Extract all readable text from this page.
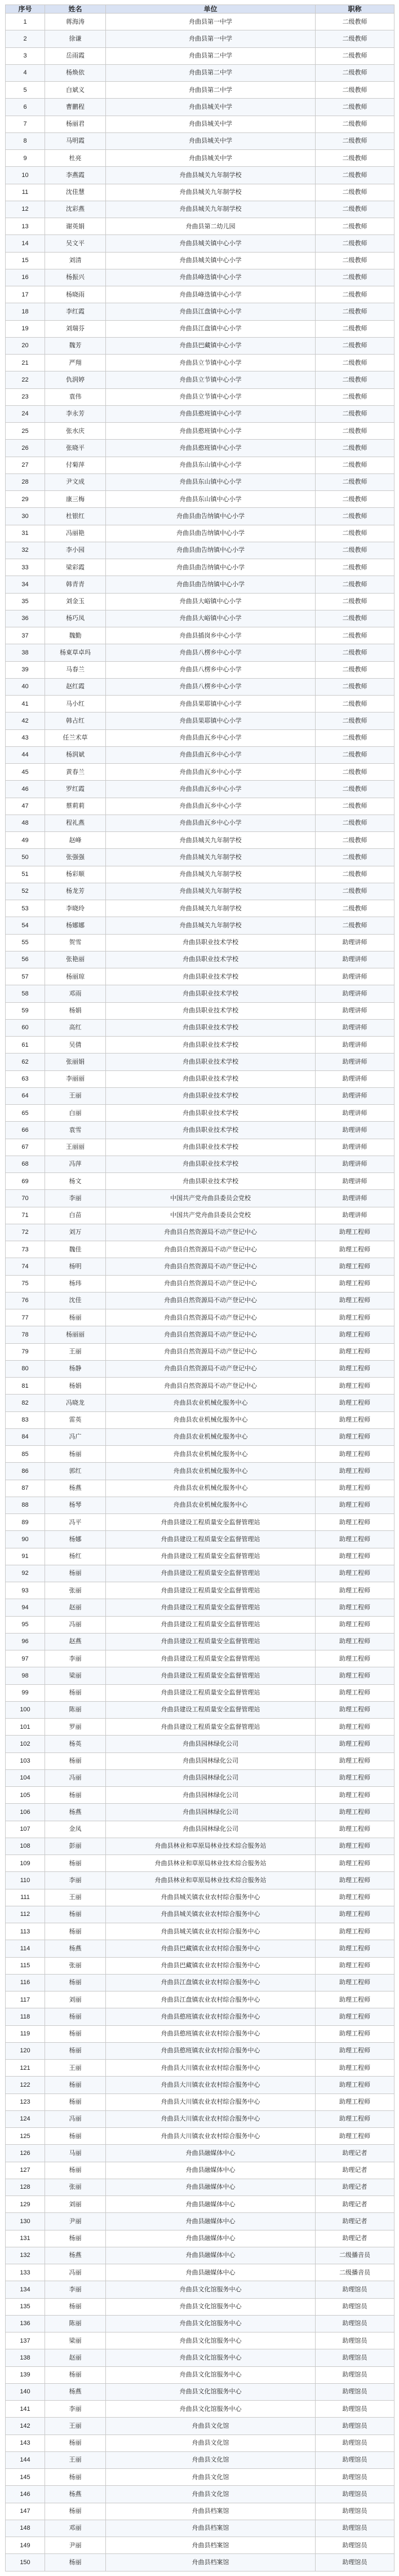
序号	姓名	单位	职称
1	蒋海涛	舟曲县第一中学	二级教师
2	徐谦	舟曲县第一中学	二级教师
3	岳雨霞	舟曲县第二中学	二级教师
4	杨焕依	舟曲县第二中学	二级教师
5	白斌义	舟曲县第二中学	二级教师
6	曹鹏程	舟曲县城关中学	二级教师
7	杨丽君	舟曲县城关中学	二级教师
8	马明霞	舟曲县城关中学	二级教师
9	杜亮	舟曲县城关中学	二级教师
10	李燕霞	舟曲县城关九年制学校	二级教师
11	沈佳慧	舟曲县城关九年制学校	二级教师
12	沈彩燕	舟曲县城关九年制学校	二级教师
13	谢英娟	舟曲县第二幼儿园	二级教师
14	吴文平	舟曲县城关镇中心小学	二级教师
15	刘清	舟曲县城关镇中心小学	二级教师
16	杨振兴	舟曲县峰迭镇中心小学	二级教师
17	杨晓雨	舟曲县峰迭镇中心小学	二级教师
18	李红霞	舟曲县江盘镇中心小学	二级教师
19	刘瑞芬	舟曲县江盘镇中心小学	二级教师
20	魏芳	舟曲县巴藏镇中心小学	二级教师
21	严翔	舟曲县立节镇中心小学	二级教师
22	仇润婷	舟曲县立节镇中心小学	二级教师
23	袁伟	舟曲县立节镇中心小学	二级教师
24	李永芳	舟曲县憨班镇中心小学	二级教师
25	张水庆	舟曲县憨班镇中心小学	二级教师
26	张晓平	舟曲县憨班镇中心小学	二级教师
27	付菊萍	舟曲县东山镇中心小学	二级教师
28	尹文成	舟曲县东山镇中心小学	二级教师
29	康三梅	舟曲县东山镇中心小学	二级教师
30	杜银红	舟曲县曲告纳镇中心小学	二级教师
31	冯丽艳	舟曲县曲告纳镇中心小学	二级教师
32	李小园	舟曲县曲告纳镇中心小学	二级教师
33	梁彩霞	舟曲县曲告纳镇中心小学	二级教师
34	韩青青	舟曲县曲告纳镇中心小学	二级教师
35	刘金玉	舟曲县大峪镇中心小学	二级教师
36	杨巧凤	舟曲县大峪镇中心小学	二级教师
37	魏勤	舟曲县插岗乡中心小学	二级教师
38	杨東草卓玛	舟曲县八楞乡中心小学	二级教师
39	马春兰	舟曲县八楞乡中心小学	二级教师
40	赵红霞	舟曲县八楞乡中心小学	二级教师
41	马小红	舟曲县果耶镇中心小学	二级教师
42	韩占红	舟曲县果耶镇中心小学	二级教师
43	任兰术草	舟曲县曲瓦乡中心小学	二级教师
44	杨润斌	舟曲县曲瓦乡中心小学	二级教师
45	黄春兰	舟曲县曲瓦乡中心小学	二级教师
46	罗红霞	舟曲县曲瓦乡中心小学	二级教师
47	蔡莉莉	舟曲县曲瓦乡中心小学	二级教师
48	程礼燕	舟曲县曲瓦乡中心小学	二级教师
49	赵峰	舟曲县城关九年制学校	二级教师
50	张强强	舟曲县城关九年制学校	二级教师
51	杨彩顺	舟曲县城关九年制学校	二级教师
52	杨龙芳	舟曲县城关九年制学校	二级教师
53	李晓玲	舟曲县城关九年制学校	二级教师
54	杨娜娜	舟曲县城关九年制学校	二级教师
55	贺雪	舟曲县职业技术学校	助理讲师
56	张艳丽	舟曲县职业技术学校	助理讲师
57	杨丽琼	舟曲县职业技术学校	助理讲师
58	邓雨	舟曲县职业技术学校	助理讲师
59	杨娟	舟曲县职业技术学校	助理讲师
60	高红	舟曲县职业技术学校	助理讲师
61	吴倩	舟曲县职业技术学校	助理讲师
62	张丽娟	舟曲县职业技术学校	助理讲师
63	李丽丽	舟曲县职业技术学校	助理讲师
64	王丽	舟曲县职业技术学校	助理讲师
65	白丽	舟曲县职业技术学校	助理讲师
66	袁雪	舟曲县职业技术学校	助理讲师
67	王丽丽	舟曲县职业技术学校	助理讲师
68	冯萍	舟曲县职业技术学校	助理讲师
69	杨文	舟曲县职业技术学校	助理讲师
70	李丽	中国共产党舟曲县委员会党校	助理讲师
71	白苗	中国共产党舟曲县委员会党校	助理讲师
72	刘万	舟曲县自然资源局不动产登记中心	助理工程师
73	魏佳	舟曲县自然资源局不动产登记中心	助理工程师
74	杨明	舟曲县自然资源局不动产登记中心	助理工程师
75	杨玮	舟曲县自然资源局不动产登记中心	助理工程师
76	沈佳	舟曲县自然资源局不动产登记中心	助理工程师
77	杨丽	舟曲县自然资源局不动产登记中心	助理工程师
78	杨丽丽	舟曲县自然资源局不动产登记中心	助理工程师
79	王丽	舟曲县自然资源局不动产登记中心	助理工程师
80	杨静	舟曲县自然资源局不动产登记中心	助理工程师
81	杨娟	舟曲县自然资源局不动产登记中心	助理工程师
82	冯晓龙	舟曲县农业机械化服务中心	助理工程师
83	雷英	舟曲县农业机械化服务中心	助理工程师
84	冯广	舟曲县农业机械化服务中心	助理工程师
85	杨丽	舟曲县农业机械化服务中心	助理工程师
86	郭红	舟曲县农业机械化服务中心	助理工程师
87	杨燕	舟曲县农业机械化服务中心	助理工程师
88	杨琴	舟曲县农业机械化服务中心	助理工程师
89	冯平	舟曲县建设工程质量安全监督管理站	助理工程师
90	杨娜	舟曲县建设工程质量安全监督管理站	助理工程师
91	杨红	舟曲县建设工程质量安全监督管理站	助理工程师
92	杨丽	舟曲县建设工程质量安全监督管理站	助理工程师
93	张丽	舟曲县建设工程质量安全监督管理站	助理工程师
94	赵丽	舟曲县建设工程质量安全监督管理站	助理工程师
95	冯丽	舟曲县建设工程质量安全监督管理站	助理工程师
96	赵燕	舟曲县建设工程质量安全监督管理站	助理工程师
97	李丽	舟曲县建设工程质量安全监督管理站	助理工程师
98	梁丽	舟曲县建设工程质量安全监督管理站	助理工程师
99	杨丽	舟曲县建设工程质量安全监督管理站	助理工程师
100	陈丽	舟曲县建设工程质量安全监督管理站	助理工程师
101	罗丽	舟曲县建设工程质量安全监督管理站	助理工程师
102	杨英	舟曲县园林绿化公司	助理工程师
103	杨丽	舟曲县园林绿化公司	助理工程师
104	冯丽	舟曲县园林绿化公司	助理工程师
105	杨丽	舟曲县园林绿化公司	助理工程师
106	杨燕	舟曲县园林绿化公司	助理工程师
107	金凤	舟曲县园林绿化公司	助理工程师
108	彭丽	舟曲县林业和草原局林业技术综合服务站	助理工程师
109	杨丽	舟曲县林业和草原局林业技术综合服务站	助理工程师
110	李丽	舟曲县林业和草原局林业技术综合服务站	助理工程师
111	王丽	舟曲县城关镇农业农村综合服务中心	助理工程师
112	杨丽	舟曲县城关镇农业农村综合服务中心	助理工程师
113	杨丽	舟曲县城关镇农业农村综合服务中心	助理工程师
114	杨燕	舟曲县巴藏镇农业农村综合服务中心	助理工程师
115	张丽	舟曲县巴藏镇农业农村综合服务中心	助理工程师
116	杨丽	舟曲县江盘镇农业农村综合服务中心	助理工程师
117	刘丽	舟曲县江盘镇农业农村综合服务中心	助理工程师
118	杨丽	舟曲县憨班镇农业农村综合服务中心	助理工程师
119	杨丽	舟曲县憨班镇农业农村综合服务中心	助理工程师
120	杨丽	舟曲县憨班镇农业农村综合服务中心	助理工程师
121	王丽	舟曲县大川镇农业农村综合服务中心	助理工程师
122	杨丽	舟曲县大川镇农业农村综合服务中心	助理工程师
123	杨丽	舟曲县大川镇农业农村综合服务中心	助理工程师
124	冯丽	舟曲县大川镇农业农村综合服务中心	助理工程师
125	杨丽	舟曲县大川镇农业农村综合服务中心	助理工程师
126	马丽	舟曲县融媒体中心	助理记者
127	杨丽	舟曲县融媒体中心	助理记者
128	张丽	舟曲县融媒体中心	助理记者
129	刘丽	舟曲县融媒体中心	助理记者
130	尹丽	舟曲县融媒体中心	助理记者
131	杨丽	舟曲县融媒体中心	助理记者
132	杨燕	舟曲县融媒体中心	二级播音员
133	冯丽	舟曲县融媒体中心	二级播音员
134	李丽	舟曲县文化馆服务中心	助理馆员
135	杨丽	舟曲县文化馆服务中心	助理馆员
136	陈丽	舟曲县文化馆服务中心	助理馆员
137	梁丽	舟曲县文化馆服务中心	助理馆员
138	赵丽	舟曲县文化馆服务中心	助理馆员
139	杨丽	舟曲县文化馆服务中心	助理馆员
140	杨燕	舟曲县文化馆服务中心	助理馆员
141	李丽	舟曲县文化馆服务中心	助理馆员
142	王丽	舟曲县文化馆	助理馆员
143	杨丽	舟曲县文化馆	助理馆员
144	王丽	舟曲县文化馆	助理馆员
145	杨丽	舟曲县文化馆	助理馆员
146	杨燕	舟曲县文化馆	助理馆员
147	杨丽	舟曲县档案馆	助理馆员
148	邓丽	舟曲县档案馆	助理馆员
149	尹丽	舟曲县档案馆	助理馆员
150	杨丽	舟曲县档案馆	助理馆员
